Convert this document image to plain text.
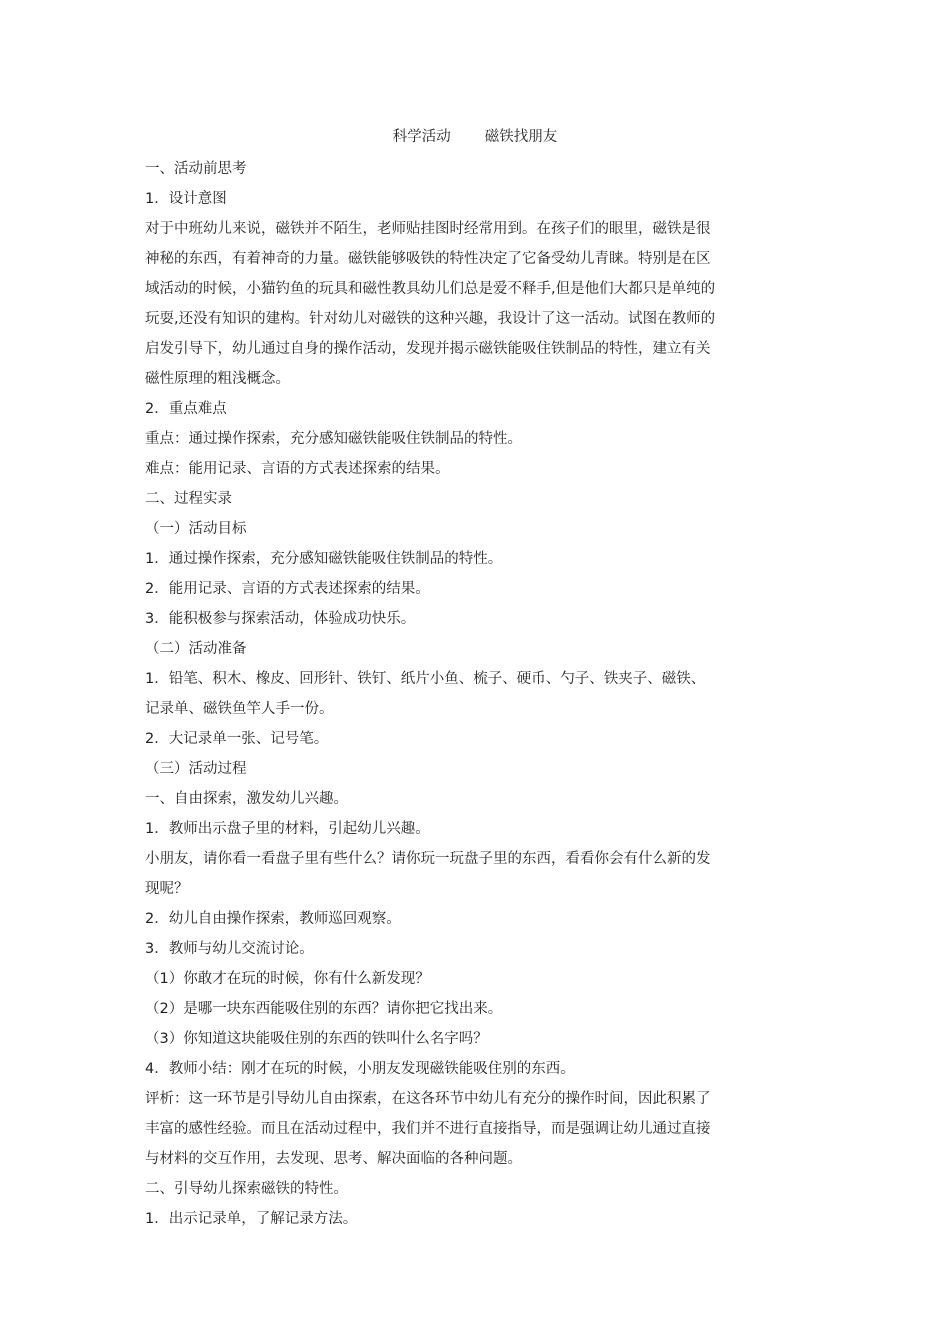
科学活动 磁铁找朋友
一、活动前思考
1．设计意图
对于中班幼儿来说，磁铁并不陌生，老师贴挂图时经常用到。在孩子们的眼里，磁铁是很
神秘的东西，有着神奇的力量。磁铁能够吸铁的特性决定了它备受幼儿青睐。特别是在区
域活动的时候，小猫钓鱼的玩具和磁性教具幼儿们总是爱不释手,但是他们大都只是单纯的
玩耍,还没有知识的建构。针对幼儿对磁铁的这种兴趣，我设计了这一活动。试图在教师的
启发引导下，幼儿通过自身的操作活动，发现并揭示磁铁能吸住铁制品的特性，建立有关
磁性原理的粗浅概念。
2．重点难点
重点：通过操作探索，充分感知磁铁能吸住铁制品的特性。
难点：能用记录、言语的方式表述探索的结果。
二、过程实录
（一）活动目标
1．通过操作探索，充分感知磁铁能吸住铁制品的特性。
2．能用记录、言语的方式表述探索的结果。
3．能积极参与探索活动，体验成功快乐。
（二）活动准备
1．铅笔、积木、橡皮、回形针、铁钉、纸片小鱼、梳子、硬币、勺子、铁夹子、磁铁、
记录单、磁铁鱼竿人手一份。
2．大记录单一张、记号笔。
（三）活动过程
一、自由探索，激发幼儿兴趣。
1．教师出示盘子里的材料，引起幼儿兴趣。
小朋友，请你看一看盘子里有些什么？请你玩一玩盘子里的东西，看看你会有什么新的发
现呢？
2．幼儿自由操作探索，教师巡回观察。
3．教师与幼儿交流讨论。
（1）你敢才在玩的时候，你有什么新发现？
（2）是哪一块东西能吸住别的东西？请你把它找出来。
（3）你知道这块能吸住别的东西的铁叫什么名字吗？
4．教师小结：刚才在玩的时候，小朋友发现磁铁能吸住别的东西。
评析：这一环节是引导幼儿自由探索，在这各环节中幼儿有充分的操作时间，因此积累了
丰富的感性经验。而且在活动过程中，我们并不进行直接指导，而是强调让幼儿通过直接
与材料的交互作用，去发现、思考、解决面临的各种问题。
二、引导幼儿探索磁铁的特性。
1．出示记录单，了解记录方法。
